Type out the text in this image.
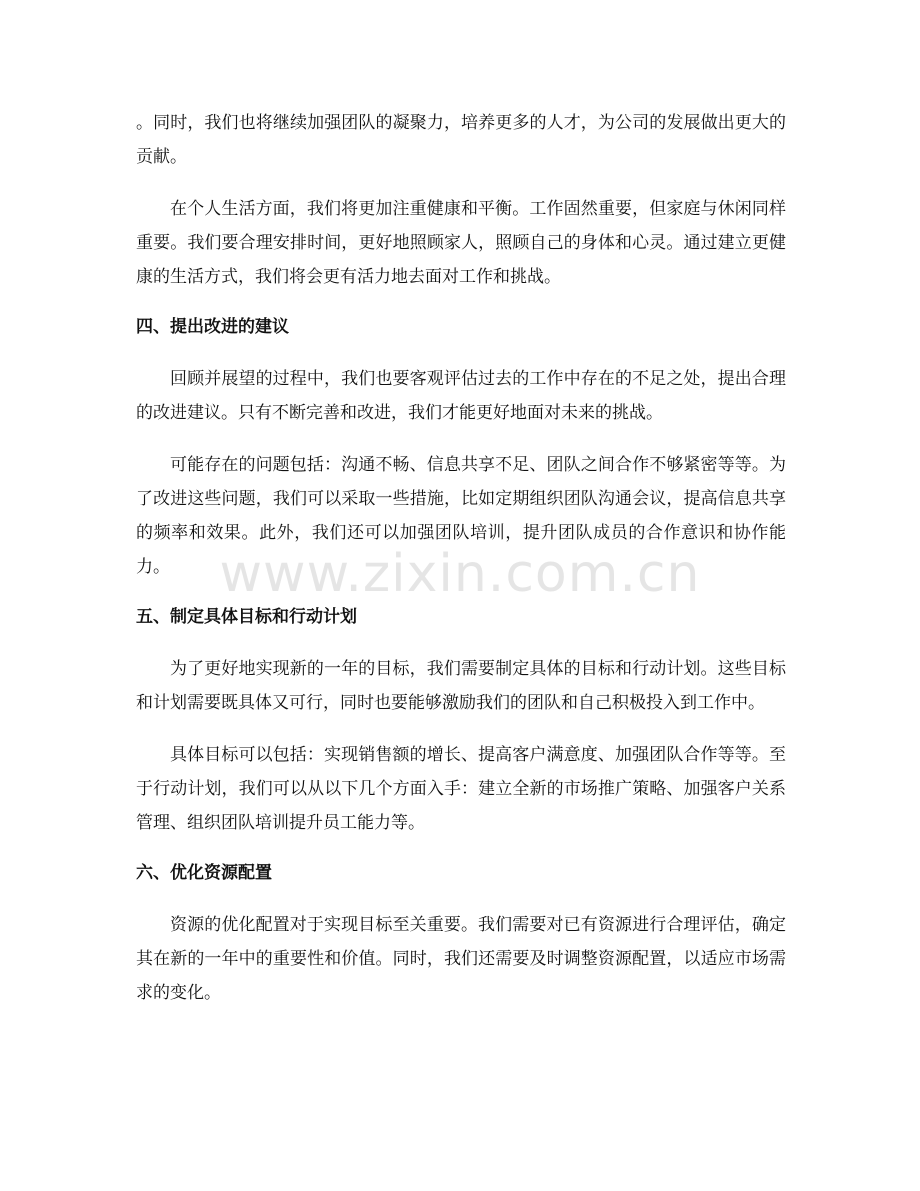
。同时，我们也将继续加强团队的凝聚力，培养更多的人才，为公司的发展做出更大的贡献。

在个人生活方面，我们将更加注重健康和平衡。工作固然重要，但家庭与休闲同样重要。我们要合理安排时间，更好地照顾家人，照顾自己的身体和心灵。通过建立更健康的生活方式，我们将会更有活力地去面对工作和挑战。

四、提出改进的建议

回顾并展望的过程中，我们也要客观评估过去的工作中存在的不足之处，提出合理的改进建议。只有不断完善和改进，我们才能更好地面对未来的挑战。

可能存在的问题包括：沟通不畅、信息共享不足、团队之间合作不够紧密等等。为了改进这些问题，我们可以采取一些措施，比如定期组织团队沟通会议，提高信息共享的频率和效果。此外，我们还可以加强团队培训，提升团队成员的合作意识和协作能力。

五、制定具体目标和行动计划

为了更好地实现新的一年的目标，我们需要制定具体的目标和行动计划。这些目标和计划需要既具体又可行，同时也要能够激励我们的团队和自己积极投入到工作中。

具体目标可以包括：实现销售额的增长、提高客户满意度、加强团队合作等等。至于行动计划，我们可以从以下几个方面入手：建立全新的市场推广策略、加强客户关系管理、组织团队培训提升员工能力等。

六、优化资源配置

资源的优化配置对于实现目标至关重要。我们需要对已有资源进行合理评估，确定其在新的一年中的重要性和价值。同时，我们还需要及时调整资源配置，以适应市场需求的变化。

www.zixin.com.cn
